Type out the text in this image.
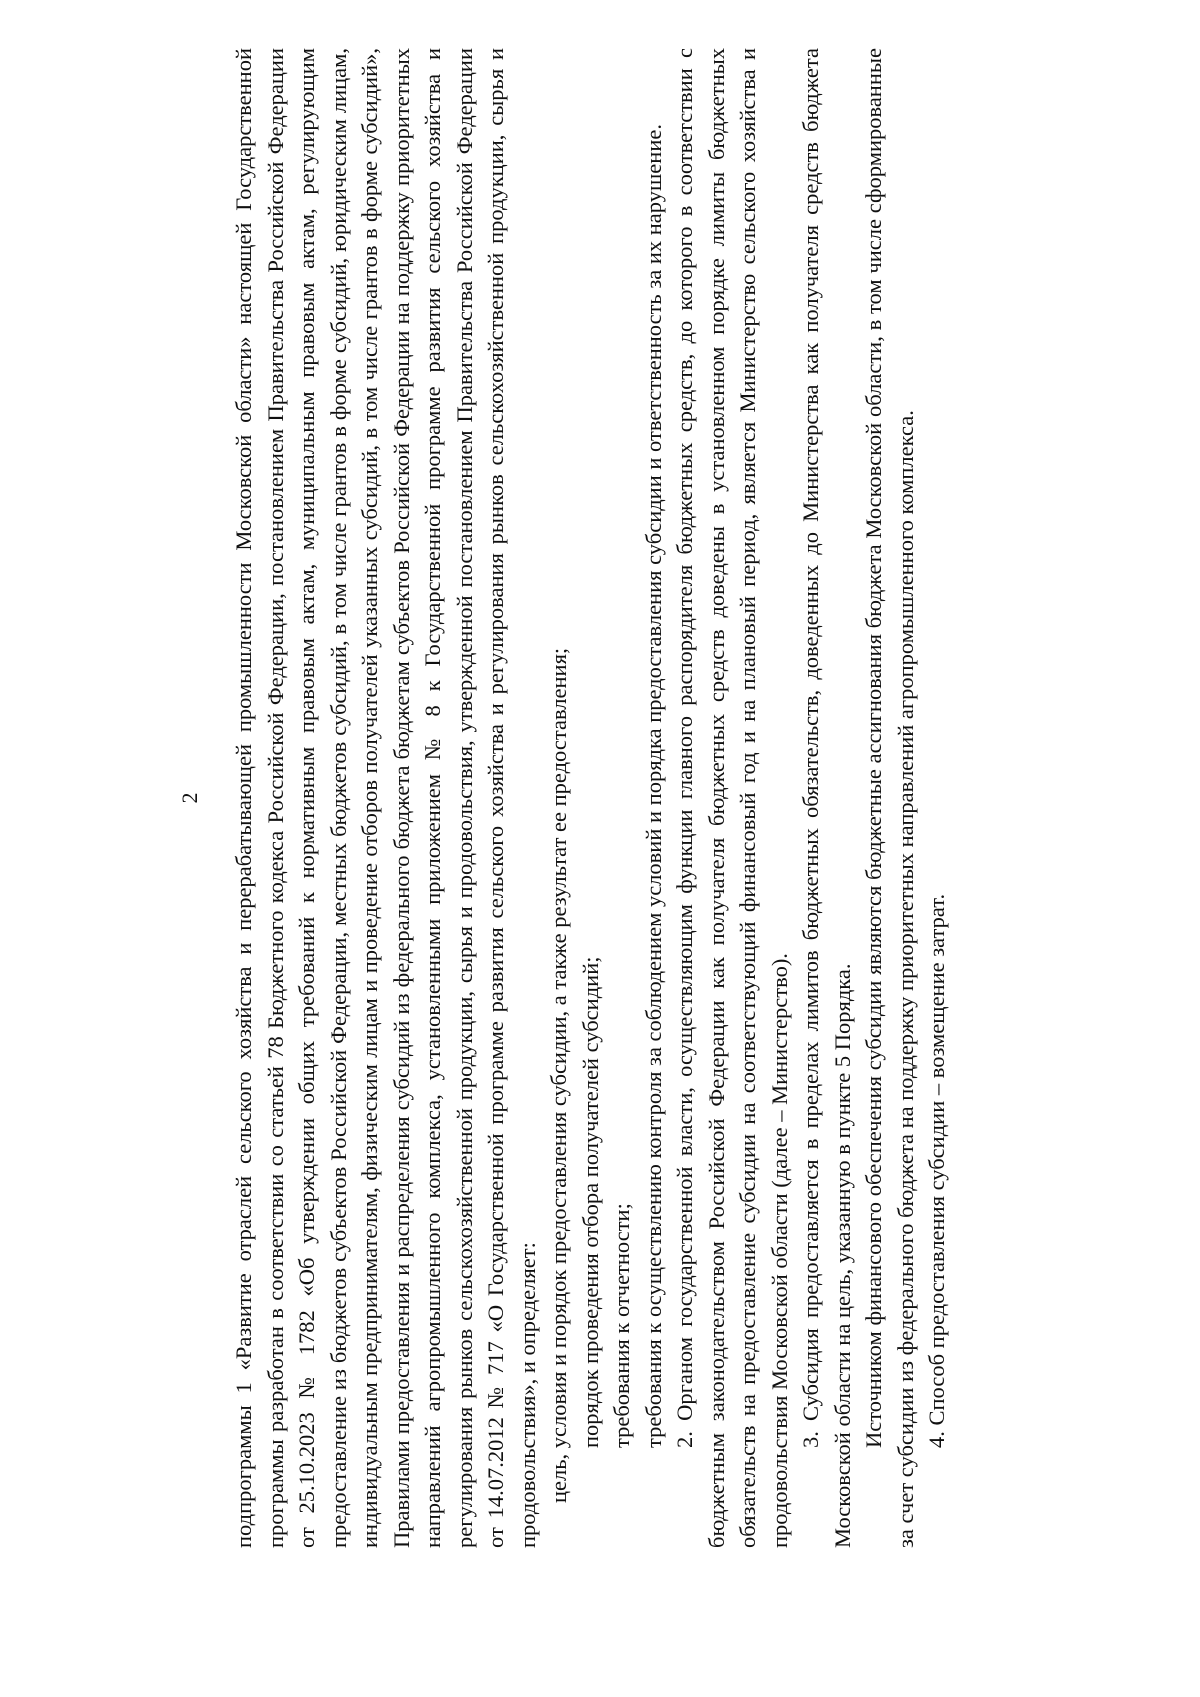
2 подпрограммы 1 «Развитие отраслей сельского хозяйства и перерабатывающей промышленности Московской области» настоящей Государственной программы разработан в соответствии со статьей 78 Бюджетного кодекса Российской Федерации, постановлением Правительства Российской Федерации от 25.10.2023 № 1782 «Об утверждении общих требований к нормативным правовым актам, муниципальным правовым актам, регулирующим предоставление из бюджетов субъектов Российской Федерации, местных бюджетов субсидий, в том числе грантов в форме субсидий, юридическим лицам, индивидуальным предпринимателям, физическим лицам и проведение отборов получателей указанных субсидий, в том числе грантов в форме субсидий», Правилами предоставления и распределения субсидий из федерального бюджета бюджетам субъектов Российской Федерации на поддержку приоритетных направлений агропромышленного комплекса, установленными приложением № 8 к Государственной программе развития сельского хозяйства и регулирования рынков сельскохозяйственной продукции, сырья и продовольствия, утвержденной постановлением Правительства Российской Федерации от 14.07.2012 № 717 «О Государственной программе развития сельского хозяйства и регулирования рынков сельскохозяйственной продукции, сырья и продовольствия», и определяет: цель, условия и порядок предоставления субсидии, а также результат ее предоставления; порядок проведения отбора получателей субсидий; требования к отчетности; требования к осуществлению контроля за соблюдением условий и порядка предоставления субсидии и ответственность за их нарушение. 2. Органом государственной власти, осуществляющим функции главного распорядителя бюджетных средств, до которого в соответствии с бюджетным законодательством Российской Федерации как получателя бюджетных средств доведены в установленном порядке лимиты бюджетных обязательств на предоставление субсидии на соответствующий финансовый год и на плановый период, является Министерство сельского хозяйства и продовольствия Московской области (далее – Министерство). 3. Субсидия предоставляется в пределах лимитов бюджетных обязательств, доведенных до Министерства как получателя средств бюджета Московской области на цель, указанную в пункте 5 Порядка. Источником финансового обеспечения субсидии являются бюджетные ассигнования бюджета Московской области, в том числе сформированные за счет субсидии из федерального бюджета на поддержку приоритетных направлений агропромышленного комплекса. 4. Способ предоставления субсидии – возмещение затрат.
